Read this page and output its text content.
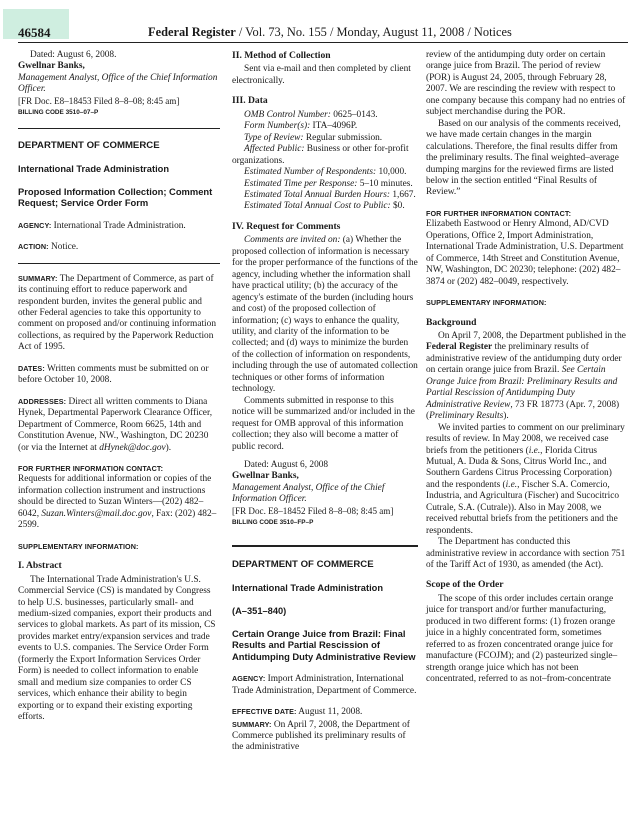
46584	Federal Register / Vol. 73, No. 155 / Monday, August 11, 2008 / Notices

Dated: August 6, 2008.

Gwellnar Banks,

Management Analyst, Office of the Chief Information Officer.

[FR Doc. E8–18453 Filed 8–8–08; 8:45 am]

BILLING CODE 3510–07–P

DEPARTMENT OF COMMERCE

International Trade Administration

Proposed Information Collection; Comment Request; Service Order Form

AGENCY: International Trade Administration.

ACTION: Notice.

SUMMARY: The Department of Commerce, as part of its continuing effort to reduce paperwork and respondent burden, invites the general public and other Federal agencies to take this opportunity to comment on proposed and/or continuing information collections, as required by the Paperwork Reduction Act of 1995.

DATES: Written comments must be submitted on or before October 10, 2008.

ADDRESSES: Direct all written comments to Diana Hynek, Departmental Paperwork Clearance Officer, Department of Commerce, Room 6625, 14th and Constitution Avenue, NW., Washington, DC 20230 (or via the Internet at dHynek@doc.gov).

FOR FURTHER INFORMATION CONTACT:

Requests for additional information or copies of the information collection instrument and instructions should be directed to Suzan Winters—(202) 482–6042, Suzan.Winters@mail.doc.gov, Fax: (202) 482–2599.

SUPPLEMENTARY INFORMATION:

I. Abstract

The International Trade Administration's U.S. Commercial Service (CS) is mandated by Congress to help U.S. businesses, particularly small- and medium-sized companies, export their products and services to global markets. As part of its mission, CS provides market entry/expansion services and trade events to U.S. companies. The Service Order Form (formerly the Export Information Services Order Form) is needed to collect information to enable small and medium size companies to order CS services, which enhance their ability to begin exporting or to expand their existing exporting efforts.

II. Method of Collection

Sent via e-mail and then completed by client electronically.

III. Data

OMB Control Number: 0625–0143.

Form Number(s): ITA–4096P.

Type of Review: Regular submission.

Affected Public: Business or other for-profit organizations.

Estimated Number of Respondents: 10,000.

Estimated Time per Response: 5–10 minutes.

Estimated Total Annual Burden Hours: 1,667.

Estimated Total Annual Cost to Public: $0.

IV. Request for Comments

Comments are invited on: (a) Whether the proposed collection of information is necessary for the proper performance of the functions of the agency, including whether the information shall have practical utility; (b) the accuracy of the agency's estimate of the burden (including hours and cost) of the proposed collection of information; (c) ways to enhance the quality, utility, and clarity of the information to be collected; and (d) ways to minimize the burden of the collection of information on respondents, including through the use of automated collection techniques or other forms of information technology.

Comments submitted in response to this notice will be summarized and/or included in the request for OMB approval of this information collection; they also will become a matter of public record.

Dated: August 6, 2008

Gwellnar Banks,

Management Analyst, Office of the Chief Information Officer.

[FR Doc. E8–18452 Filed 8–8–08; 8:45 am]

BILLING CODE 3510–FP–P

DEPARTMENT OF COMMERCE

International Trade Administration

(A–351–840)

Certain Orange Juice from Brazil: Final Results and Partial Rescission of Antidumping Duty Administrative Review

AGENCY: Import Administration, International Trade Administration, Department of Commerce.

EFFECTIVE DATE: August 11, 2008.

SUMMARY: On April 7, 2008, the Department of Commerce published its preliminary results of the administrative

review of the antidumping duty order on certain orange juice from Brazil. The period of review (POR) is August 24, 2005, through February 28, 2007. We are rescinding the review with respect to one company because this company had no entries of subject merchandise during the POR.

Based on our analysis of the comments received, we have made certain changes in the margin calculations. Therefore, the final results differ from the preliminary results. The final weighted–average dumping margins for the reviewed firms are listed below in the section entitled “Final Results of Review.”

FOR FURTHER INFORMATION CONTACT:

Elizabeth Eastwood or Henry Almond, AD/CVD Operations, Office 2, Import Administration, International Trade Administration, U.S. Department of Commerce, 14th Street and Constitution Avenue, NW, Washington, DC 20230; telephone: (202) 482–3874 or (202) 482–0049, respectively.

SUPPLEMENTARY INFORMATION:

Background

On April 7, 2008, the Department published in the Federal Register the preliminary results of administrative review of the antidumping duty order on certain orange juice from Brazil. See Certain Orange Juice from Brazil: Preliminary Results and Partial Rescission of Antidumping Duty Administrative Review, 73 FR 18773 (Apr. 7, 2008) (Preliminary Results).

We invited parties to comment on our preliminary results of review. In May 2008, we received case briefs from the petitioners (i.e., Florida Citrus Mutual, A. Duda & Sons, Citrus World Inc., and Southern Gardens Citrus Processing Corporation) and the respondents (i.e., Fischer S.A. Comercio, Industria, and Agricultura (Fischer) and Sucocitrico Cutrale, S.A. (Cutrale)). Also in May 2008, we received rebuttal briefs from the petitioners and the respondents.

The Department has conducted this administrative review in accordance with section 751 of the Tariff Act of 1930, as amended (the Act).

Scope of the Order

The scope of this order includes certain orange juice for transport and/or further manufacturing, produced in two different forms: (1) frozen orange juice in a highly concentrated form, sometimes referred to as frozen concentrated orange juice for manufacture (FCOJM); and (2) pasteurized single–strength orange juice which has not been concentrated, referred to as not–from-concentrate
